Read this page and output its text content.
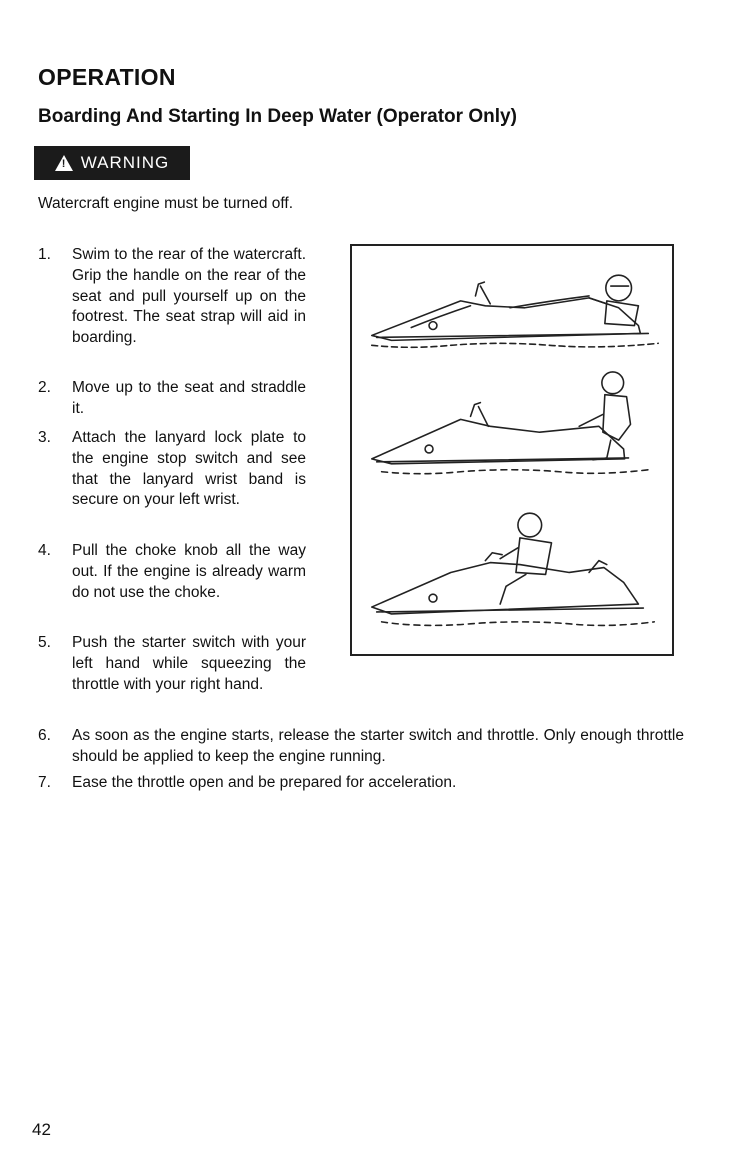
OPERATION
Boarding And Starting In Deep Water (Operator Only)
! WARNING
Watercraft engine must be turned off.
1. Swim to the rear of the watercraft. Grip the handle on the rear of the seat and pull yourself up on the footrest. The seat strap will aid in boarding.
2. Move up to the seat and straddle it.
3. Attach the lanyard lock plate to the engine stop switch and see that the lanyard wrist band is secure on your left wrist.
4. Pull the choke knob all the way out. If the engine is already warm do not use the choke.
5. Push the starter switch with your left hand while squeezing the throttle with your right hand.
6. As soon as the engine starts, release the starter switch and throttle. Only enough throttle should be applied to keep the engine running.
7. Ease the throttle open and be prepared for acceleration.
42
